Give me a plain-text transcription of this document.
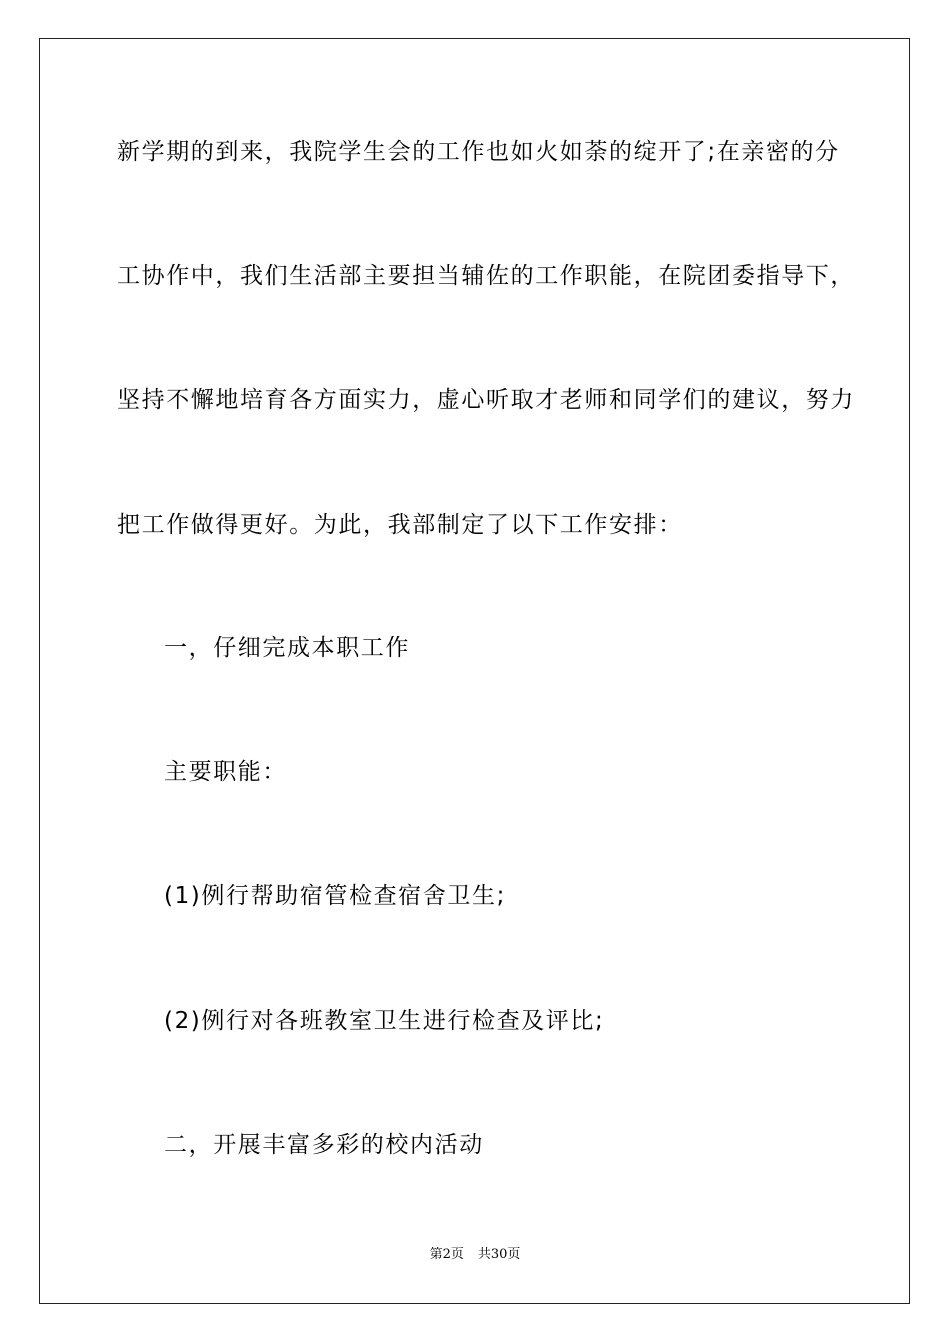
新学期的到来，我院学生会的工作也如火如荼的绽开了;在亲密的分
工协作中，我们生活部主要担当辅佐的工作职能，在院团委指导下，
坚持不懈地培育各方面实力，虚心听取才老师和同学们的建议，努力
把工作做得更好。为此，我部制定了以下工作安排：
一，仔细完成本职工作
主要职能：
(1)例行帮助宿管检查宿舍卫生;
(2)例行对各班教室卫生进行检查及评比;
二，开展丰富多彩的校内活动
第2页 共30页
